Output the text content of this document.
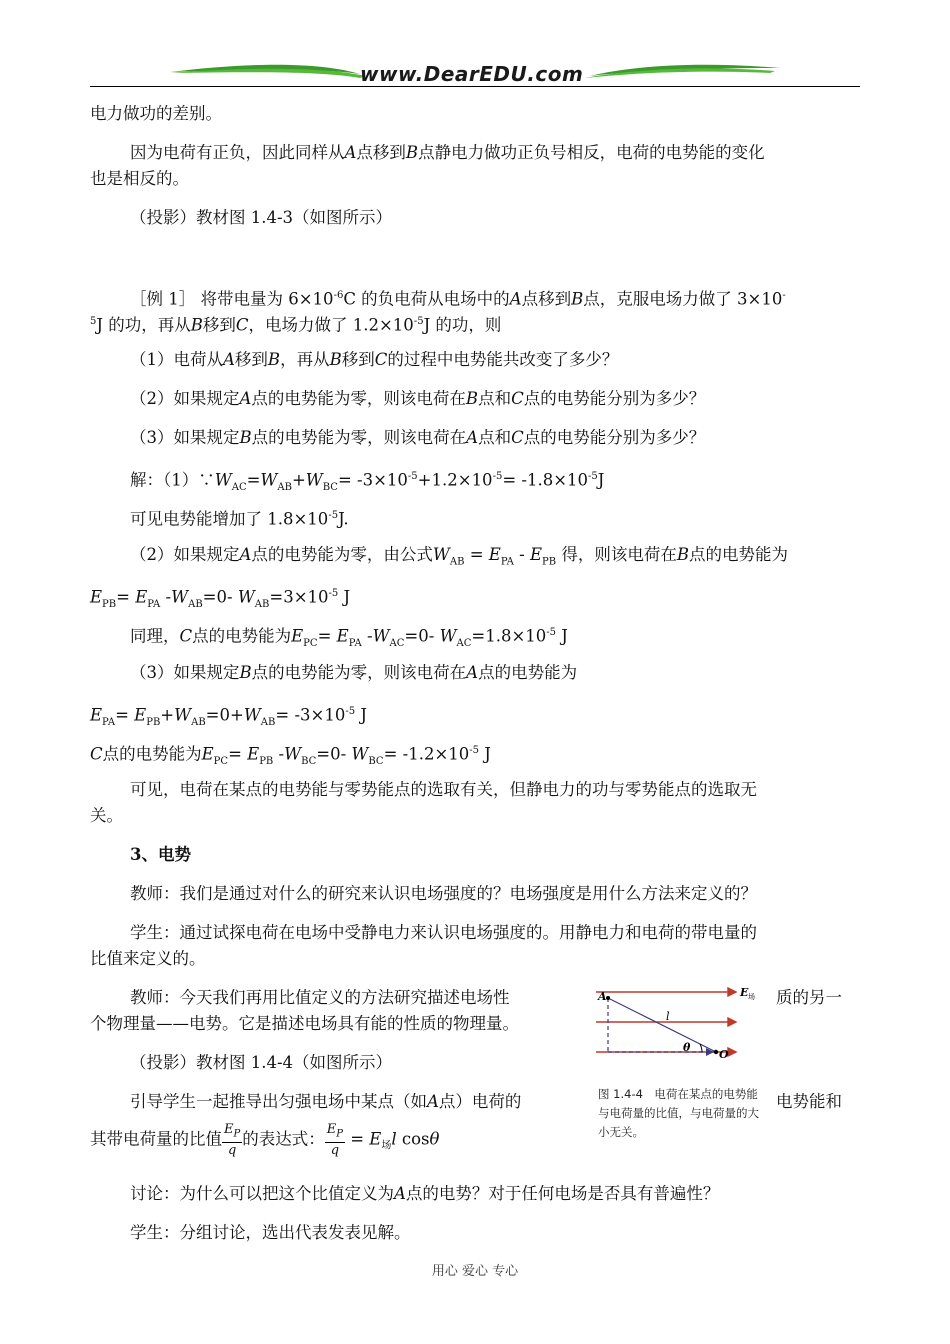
www.DearEDU.com
电力做功的差别。
因为电荷有正负，因此同样从A点移到B点静电力做功正负号相反，电荷的电势能的变化
也是相反的。
（投影）教材图 1.4-3（如图所示）
［例 1］ 将带电量为 $6\times 10^{-6}C$ 的负电荷从电场中的A点移到B点，克服电场力做了 3×10-
$^5$J 的功，再从B移到C，电场力做了 $1.2\times 10^{-5}J$ 的功，则
（1）电荷从A移到B，再从B移到C的过程中电势能共改变了多少？
（2）如果规定A点的电势能为零，则该电荷在B点和C点的电势能分别为多少？
（3）如果规定B点的电势能为零，则该电荷在A点和C点的电势能分别为多少？
解：$(1)\because W_{AC}=W_{AB}+W_{BC}= -3\times 10^{-5}+1.2\times 10^{-5}= -1.8\times 10^{-5}J$
可见电势能增加了 $1.8\times 10^{-5}J$.
（2）如果规定A点的电势能为零，由公式$W_{AB} = E_{PA} - E_{PB}$ 得，则该电荷在B点的电势能为
$E_{PB}= E_{PA}$ $-W_{AB}=0-$ $W_{AB}=3\times 10^{-5}$ J
同理，C点的电势能为$E_{PC}= E_{PA}$ $-W_{AC}=0-$ $W_{AC}=1.8\times 10^{-5}$ J
（3）如果规定B点的电势能为零，则该电荷在A点的电势能为
$E_{PA}= E_{PB}+W_{AB}=0+W_{AB}= -3\times 10^{-5}$ J
C点的电势能为$E_{PC}= E_{PB}$ $-W_{BC}=0-$ $W_{BC}= -1.2\times 10^{-5}$ J
可见，电荷在某点的电势能与零势能点的选取有关，但静电力的功与零势能点的选取无
关。
3、电势
教师：我们是通过对什么的研究来认识电场强度的？电场强度是用什么方法来定义的？
学生：通过试探电荷在电场中受静电力来认识电场强度的。用静电力和电荷的带电量的
比值来定义的。
教师：今天我们再用比值定义的方法研究描述电场性	质的另一
个物理量——电势。它是描述电场具有能的性质的物理量。
（投影）教材图 1.4-4（如图所示）
引导学生一起推导出匀强电场中某点（如A点）电荷的	电势能和
其带电荷量的比值 $\frac{E_P}{q}$ 的表达式： $\frac{E_P}{q} = E_场l$ cosθ
讨论：为什么可以把这个比值定义为A点的电势？对于任何电场是否具有普遍性？
学生：分组讨论，选出代表发表见解。
A	E 场
l
θ
O
图 1.4-4　电荷在某点的电势能与电荷量的比值，与电荷量的大小无关。
用心 爱心 专心
